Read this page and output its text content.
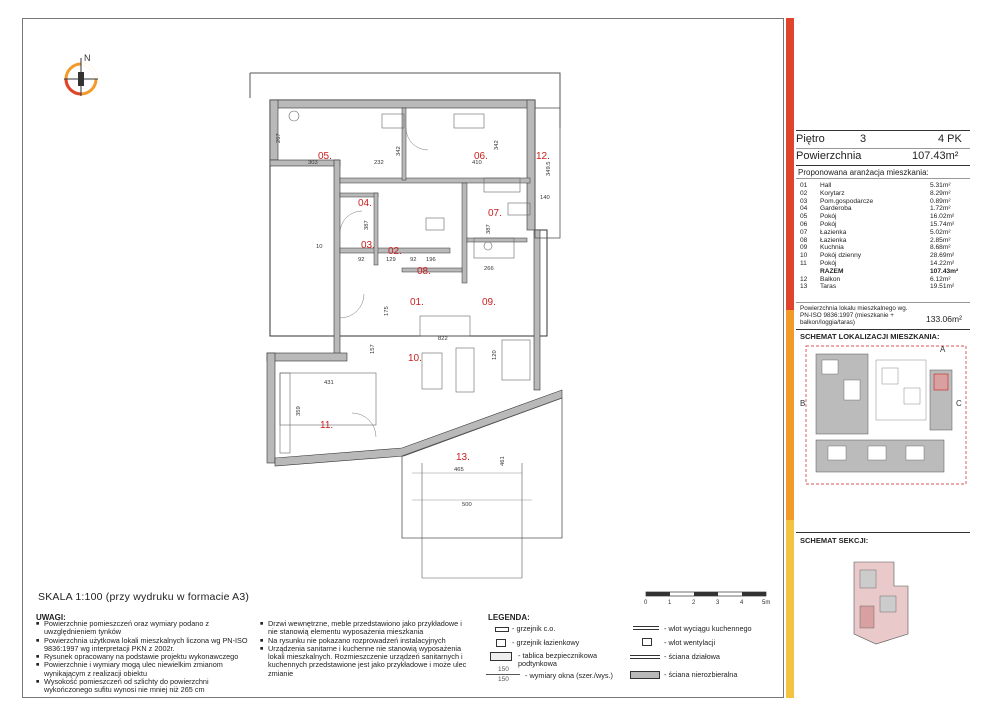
N
01.
02.
03.
04.
05.	06.
07.
08.
09.
10.
11.
12.
13.
267
303	232
342
410
342
349.5
140
387	387
92	129 92 196
266
175
822
157
120
431
359
465
461
500
10
SKALA 1:100 (przy wydruku w formacie A3)	0	1	2	3	4	5m
UWAGI:
■ Powierzchnie pomieszczeń oraz wymiary podano z uwzględnieniem tynków
■ Powierzchnia użytkowa lokali mieszkalnych liczona wg PN-ISO 9836:1997 wg interpretacji PKN z 2002r.
■ Rysunek opracowany na podstawie projektu wykonawczego
■ Powierzchnie i wymiary mogą ulec niewielkim zmianom wynikającym z realizacji obiektu
■ Wysokość pomieszczeń od szlichty do powierzchni wykończonego sufitu wynosi nie mniej niż 265 cm
■ Drzwi wewnętrzne, meble przedstawiono jako przykładowe i nie stanowią elementu wyposażenia mieszkania
■ Na rysunku nie pokazano rozprowadzeń instalacyjnych
■ Urządzenia sanitarne i kuchenne nie stanowią wyposażenia lokali mieszkalnych. Rozmieszczenie urządzeń sanitarnych i kuchennych przedstawione jest jako przykładowe i może ulec zmianie
LEGENDA:
- grzejnik c.o.
- grzejnik łazienkowy
- tablica bezpiecznikowa podtynkowa
150
150 - wymiary okna (szer./wys.)
- wlot wyciągu kuchennego
- wlot wentylacji
- ściana działowa
- ściana nierozbieralna
Piętro	3	4 PK
Powierzchnia	107.43m²
Proponowana aranżacja mieszkania:
01	Hall	5.31m²
02	Korytarz	8.29m²
03	Pom.gospodarcze	0.89m²
04	Garderoba	1.72m²
05	Pokój	16.02m²
06	Pokój	15.74m²
07	Łazienka	5.02m²
08	Łazienka	2.85m²
09	Kuchnia	8.68m²
10	Pokój dzienny	28.69m²
11	Pokój	14.22m²
RAZEM	107.43m²
12	Balkon	6.12m²
13	Taras	19.51m²
Powierzchnia lokalu mieszkalnego wg. PN-ISO 9836:1997 (mieszkanie + balkon/loggia/taras)	133.06m²
SCHEMAT LOKALIZACJI MIESZKANIA:
A
B	C
SCHEMAT SEKCJI:
